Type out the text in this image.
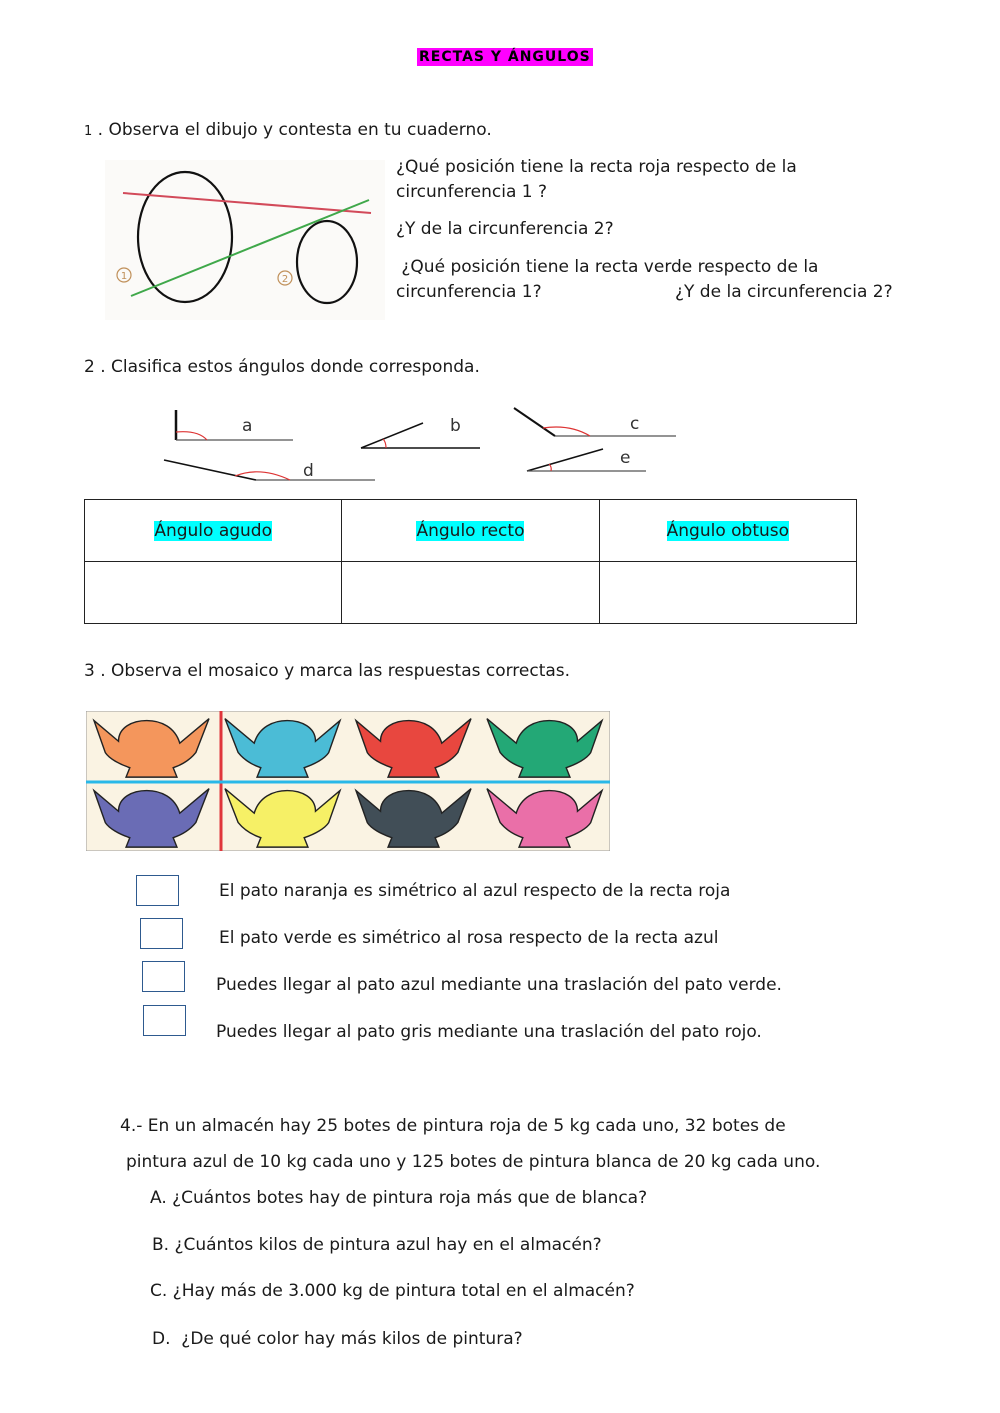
RECTAS Y ÁNGULOS
1 . Observa el dibujo y contesta en tu cuaderno.
1	2
¿Qué posición tiene la recta roja respecto de la
circunferencia 1 ?
¿Y de la circunferencia 2?
¿Qué posición tiene la recta verde respecto de la
circunferencia 1?	¿Y de la circunferencia 2?
2 . Clasifica estos ángulos donde corresponda.
a	b	c
d
e
Ángulo agudo	Ángulo recto	Ángulo obtuso

3 . Observa el mosaico y marca las respuestas correctas.
El pato naranja es simétrico al azul respecto de la recta roja
El pato verde es simétrico al rosa respecto de la recta azul
Puedes llegar al pato azul mediante una traslación del pato verde.
Puedes llegar al pato gris mediante una traslación del pato rojo.
4.- En un almacén hay 25 botes de pintura roja de 5 kg cada uno, 32 botes de
pintura azul de 10 kg cada uno y 125 botes de pintura blanca de 20 kg cada uno.
A. ¿Cuántos botes hay de pintura roja más que de blanca?
B. ¿Cuántos kilos de pintura azul hay en el almacén?
C. ¿Hay más de 3.000 kg de pintura total en el almacén?
D.  ¿De qué color hay más kilos de pintura?
